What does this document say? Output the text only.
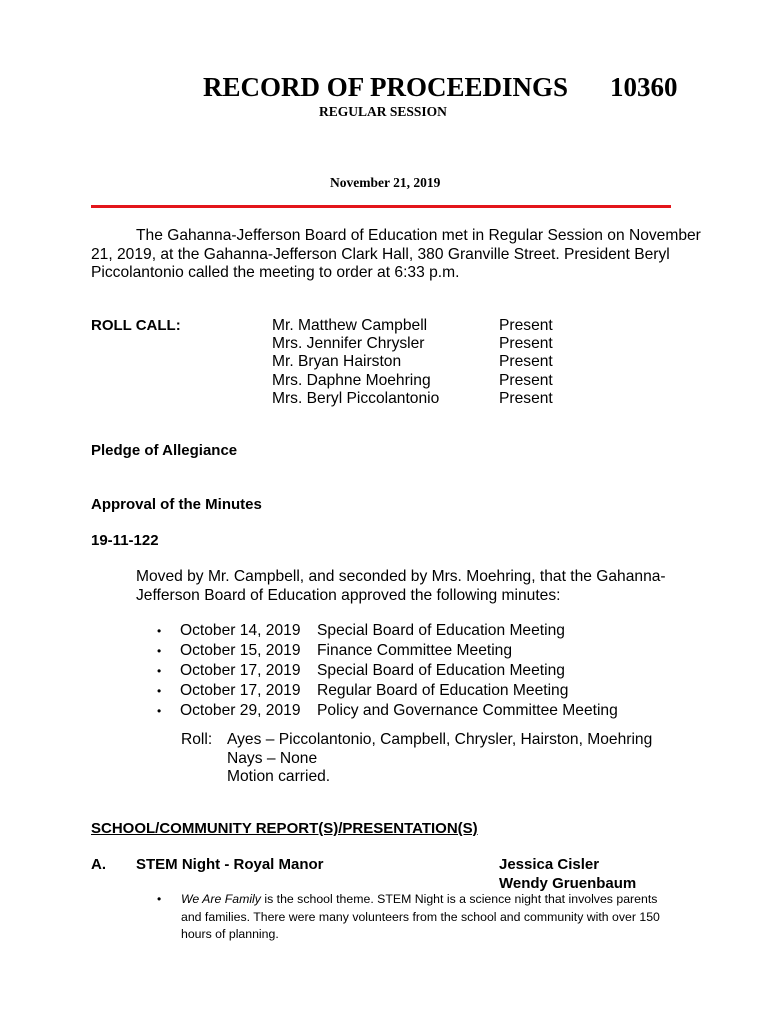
RECORD OF PROCEEDINGS 10360
REGULAR SESSION
November 21, 2019
The Gahanna-Jefferson Board of Education met in Regular Session on November
21, 2019, at the Gahanna-Jefferson Clark Hall, 380 Granville Street. President Beryl
Piccolantonio called the meeting to order at 6:33 p.m.
ROLL CALL:	Mr. Matthew Campbell	Present
Mrs. Jennifer Chrysler	Present
Mr. Bryan Hairston	Present
Mrs. Daphne Moehring	Present
Mrs. Beryl Piccolantonio	Present
Pledge of Allegiance
Approval of the Minutes
19-11-122
Moved by Mr. Campbell, and seconded by Mrs. Moehring, that the Gahanna-
Jefferson Board of Education approved the following minutes:
•	October 14, 2019	Special Board of Education Meeting
•	October 15, 2019	Finance Committee Meeting
•	October 17, 2019	Special Board of Education Meeting
•	October 17, 2019	Regular Board of Education Meeting
•	October 29, 2019	Policy and Governance Committee Meeting
Roll: Ayes – Piccolantonio, Campbell, Chrysler, Hairston, Moehring
Nays – None
Motion carried.
SCHOOL/COMMUNITY REPORT(S)/PRESENTATION(S)
A. STEM Night - Royal Manor	Jessica Cisler
Wendy Gruenbaum
•	We Are Family is the school theme. STEM Night is a science night that involves parents
and families. There were many volunteers from the school and community with over 150
hours of planning.
